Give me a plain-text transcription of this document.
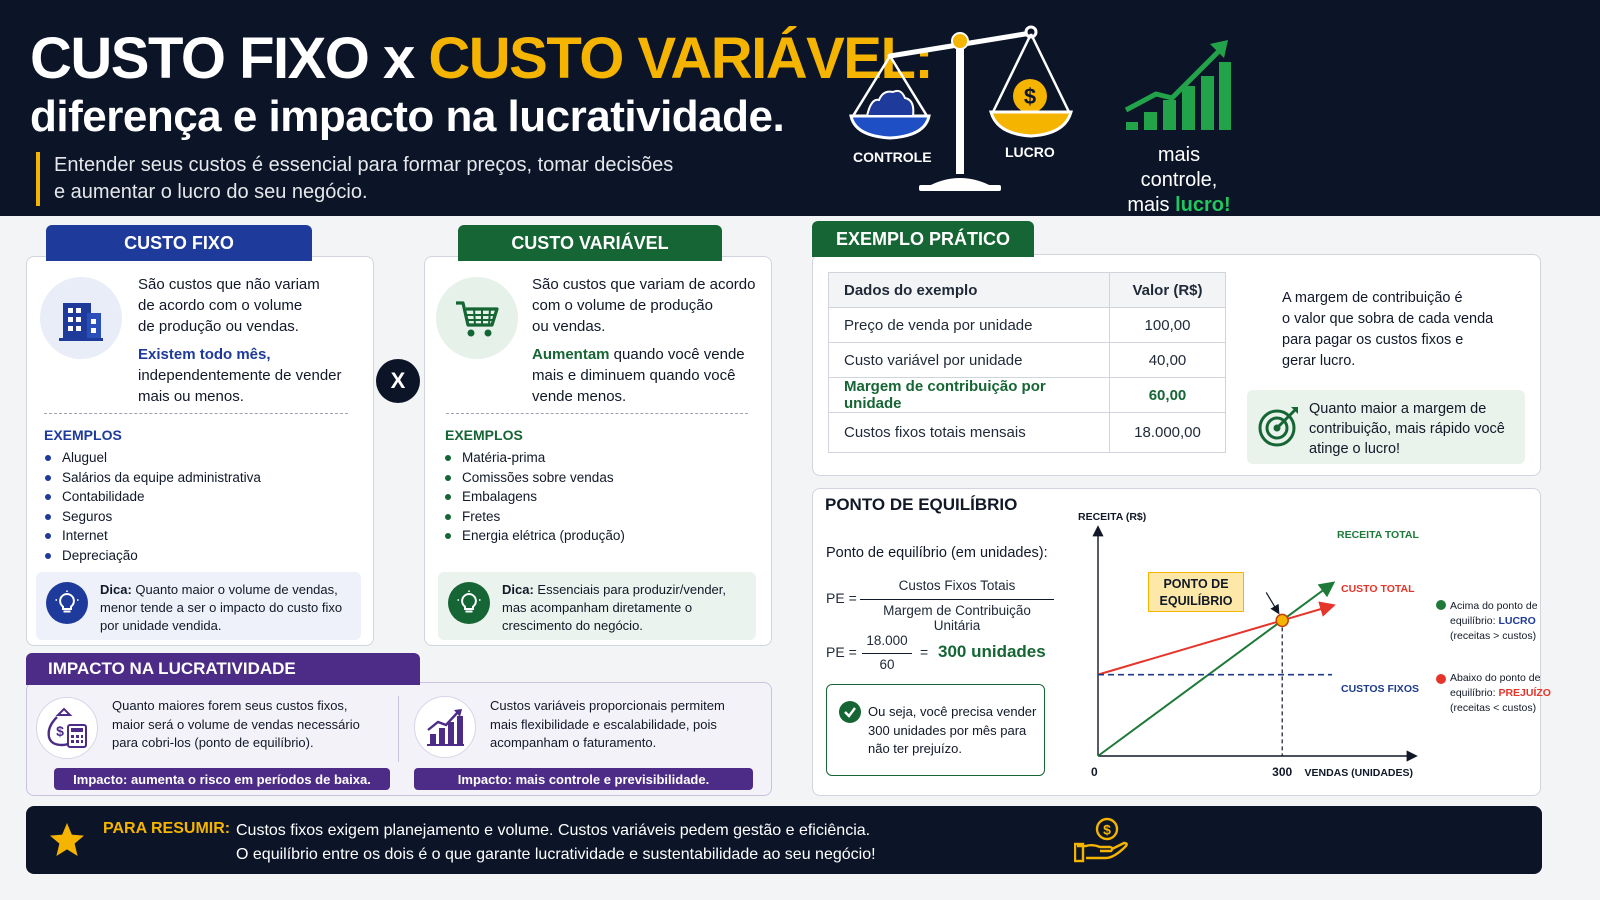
CUSTO FIXO x CUSTO VARIÁVEL:
diferença e impacto na lucratividade.
Entender seus custos é essencial para formar preços, tomar decisões
e aumentar o lucro do seu negócio.
$
CONTROLE	LUCRO	mais controle,
mais lucro!
CUSTO FIXO
São custos que não variam
de acordo com o volume
de produção ou vendas.
Existem todo mês,
independentemente de vender
mais ou menos.
EXEMPLOS
Aluguel
Salários da equipe administrativa
Contabilidade
Seguros
Internet
Depreciação
Dica: Quanto maior o volume de vendas,
menor tende a ser o impacto do custo fixo
por unidade vendida.
X
CUSTO VARIÁVEL
São custos que variam de acordo
com o volume de produção
ou vendas.
Aumentam quando você vende
mais e diminuem quando você
vende menos.
EXEMPLOS
Matéria-prima
Comissões sobre vendas
Embalagens
Fretes
Energia elétrica (produção)
Dica: Essenciais para produzir/vender,
mas acompanham diretamente o
crescimento do negócio.
IMPACTO NA LUCRATIVIDADE
$
Quanto maiores forem seus custos fixos,
maior será o volume de vendas necessário
para cobri-los (ponto de equilíbrio).
Custos variáveis proporcionais permitem
mais flexibilidade e escalabilidade, pois
acompanham o faturamento.
Impacto: aumenta o risco em períodos de baixa.	Impacto: mais controle e previsibilidade.
EXEMPLO PRÁTICO
Dados do exemplo	Valor (R$)
Preço de venda por unidade	100,00
Custo variável por unidade	40,00
Margem de contribuição por unidade	60,00
Custos fixos totais mensais	18.000,00
A margem de contribuição é
o valor que sobra de cada venda
para pagar os custos fixos e
gerar lucro.
Quanto maior a margem de
contribuição, mais rápido você
atinge o lucro!
PONTO DE EQUILÍBRIO
Ponto de equilíbrio (em unidades):
PE =
Custos Fixos Totais
Margem de Contribuição Unitária
PE =
18.000
60
= 300 unidades
Ou seja, você precisa vender
300 unidades por mês para
não ter prejuízo.
RECEITA (R$)
VENDAS (UNIDADES)
0	300
RECEITA TOTAL
CUSTO TOTAL
CUSTOS FIXOS
PONTO DE
EQUILÍBRIO	Acima do ponto de
equilíbrio: LUCRO
(receitas > custos)
Abaixo do ponto de
equilíbrio: PREJUÍZO
(receitas < custos)
PARA RESUMIR: Custos fixos exigem planejamento e volume. Custos variáveis pedem gestão e eficiência.
O equilíbrio entre os dois é o que garante lucratividade e sustentabilidade ao seu negócio!
$
